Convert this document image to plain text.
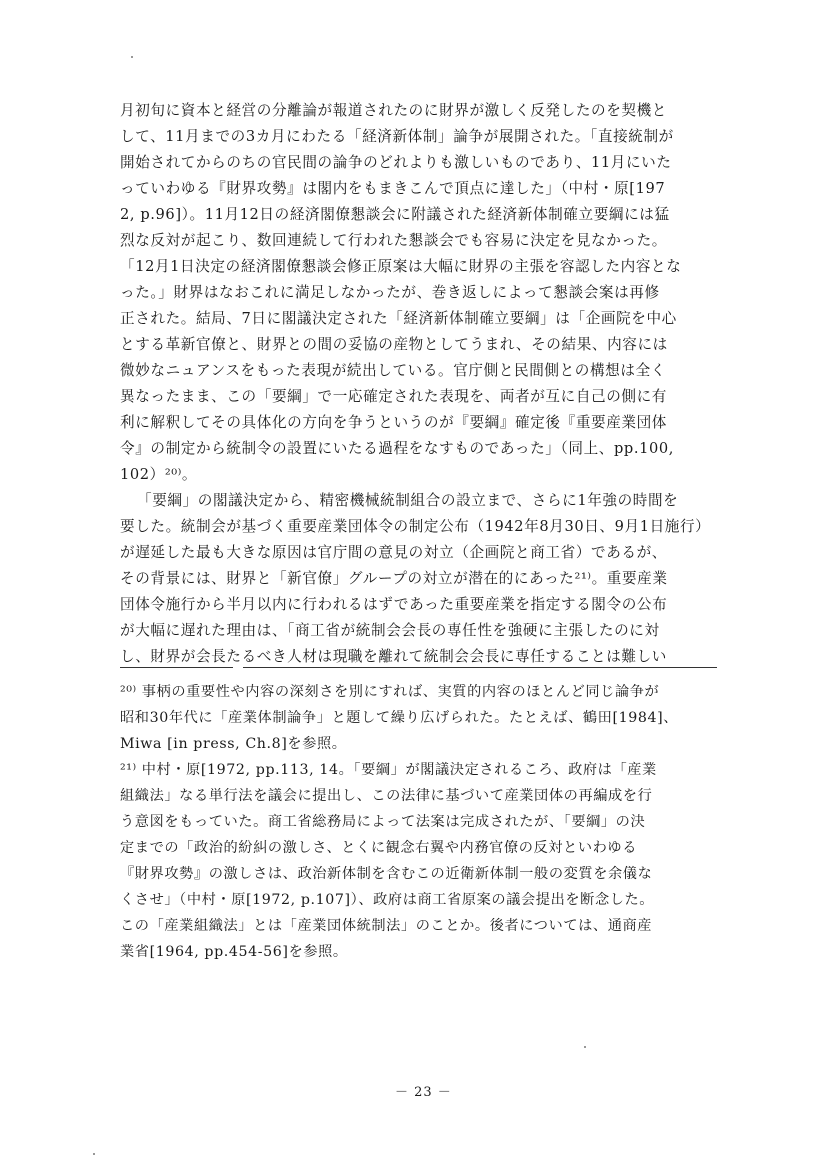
月初旬に資本と経営の分離論が報道されたのに財界が激しく反発したのを契機と
して、11月までの3カ月にわたる「経済新体制」論争が展開された。「直接統制が
開始されてからのちの官民間の論争のどれよりも激しいものであり、11月にいた
っていわゆる『財界攻勢』は閣内をもまきこんで頂点に達した」（中村・原[197
2, p.96]）。11月12日の経済閣僚懇談会に附議された経済新体制確立要綱には猛
烈な反対が起こり、数回連続して行われた懇談会でも容易に決定を見なかった。
「12月1日決定の経済閣僚懇談会修正原案は大幅に財界の主張を容認した内容とな
った。」財界はなおこれに満足しなかったが、巻き返しによって懇談会案は再修
正された。結局、7日に閣議決定された「経済新体制確立要綱」は「企画院を中心
とする革新官僚と、財界との間の妥協の産物としてうまれ、その結果、内容には
微妙なニュアンスをもった表現が続出している。官庁側と民間側との構想は全く
異なったまま、この「要綱」で一応確定された表現を、両者が互に自己の側に有
利に解釈してその具体化の方向を争うというのが『要綱』確定後『重要産業団体
令』の制定から統制令の設置にいたる過程をなすものであった」（同上、pp.100,
102）²⁰⁾。
「要綱」の閣議決定から、精密機械統制組合の設立まで、さらに1年強の時間を
要した。統制会が基づく重要産業団体令の制定公布（1942年8月30日、9月1日施行）
が遅延した最も大きな原因は官庁間の意見の対立（企画院と商工省）であるが、
その背景には、財界と「新官僚」グループの対立が潜在的にあった²¹⁾。重要産業
団体令施行から半月以内に行われるはずであった重要産業を指定する閣令の公布
が大幅に遅れた理由は、「商工省が統制会会長の専任性を強硬に主張したのに対
し、財界が会長たるべき人材は現職を離れて統制会会長に専任することは難しい
²⁰⁾ 事柄の重要性や内容の深刻さを別にすれば、実質的内容のほとんど同じ論争が
昭和30年代に「産業体制論争」と題して繰り広げられた。たとえば、鶴田[1984]、
Miwa [in press, Ch.8]を参照。
²¹⁾ 中村・原[1972, pp.113, 14。「要綱」が閣議決定されるころ、政府は「産業
組織法」なる単行法を議会に提出し、この法律に基づいて産業団体の再編成を行
う意図をもっていた。商工省総務局によって法案は完成されたが、「要綱」の決
定までの「政治的紛糾の激しさ、とくに観念右翼や内務官僚の反対といわゆる
『財界攻勢』の激しさは、政治新体制を含むこの近衛新体制一般の変質を余儀な
くさせ」（中村・原[1972, p.107]）、政府は商工省原案の議会提出を断念した。
この「産業組織法」とは「産業団体統制法」のことか。後者については、通商産
業省[1964, pp.454-56]を参照。
－ 23 －
